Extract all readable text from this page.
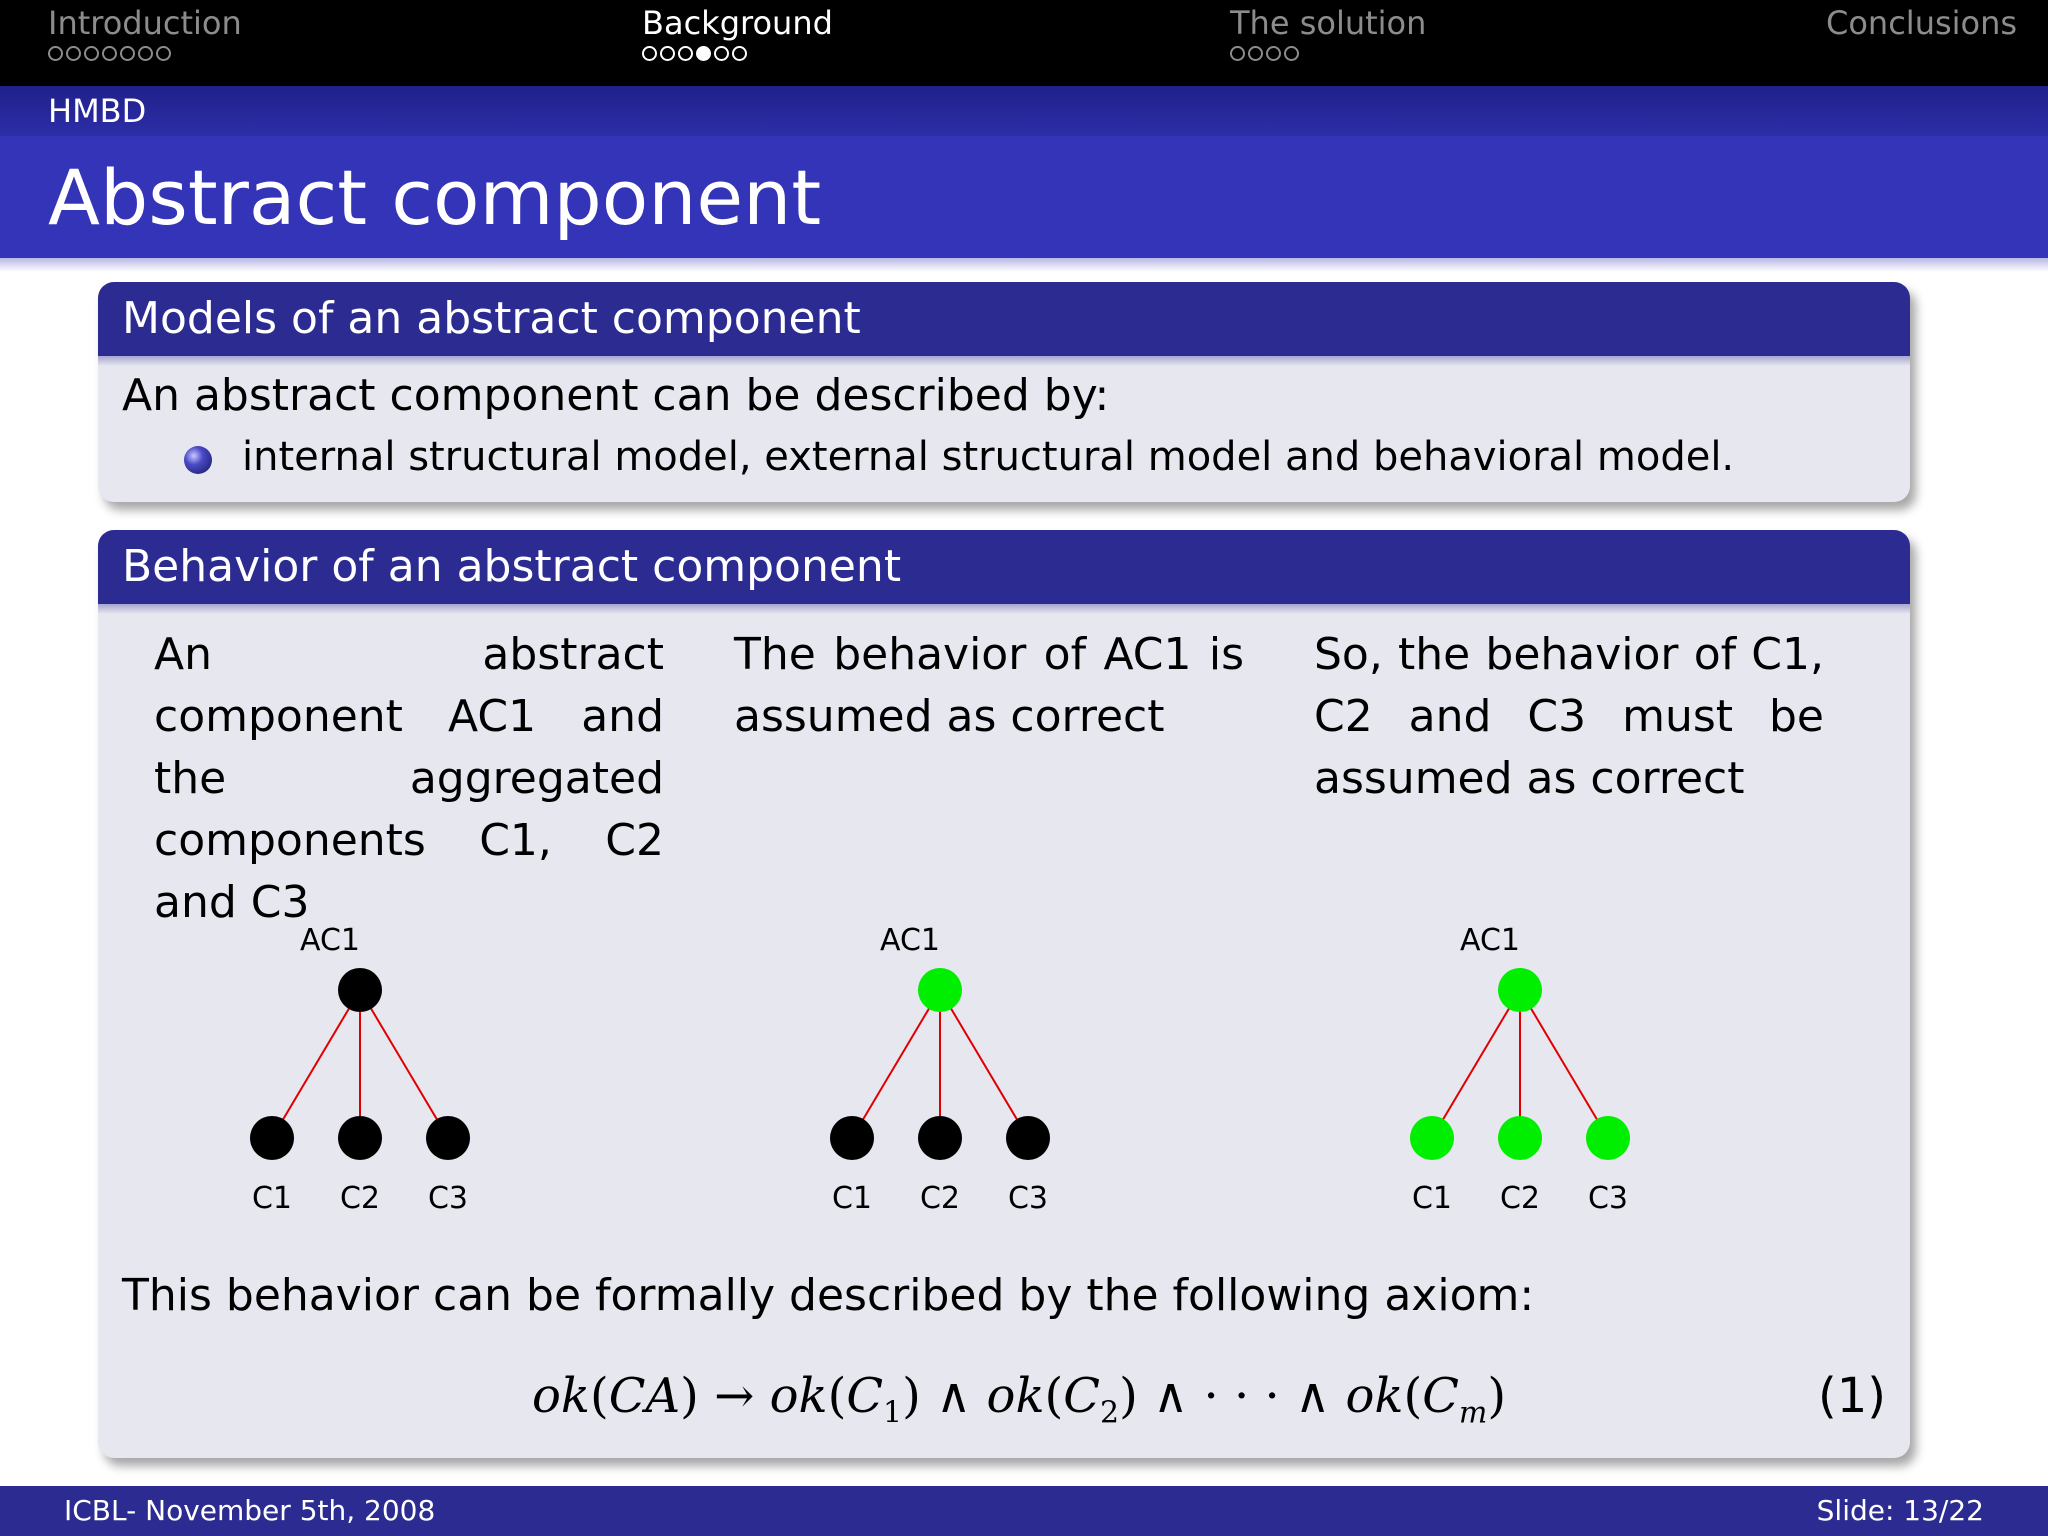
Introduction	Background	The solution	Conclusions
HMBD
Abstract component
Models of an abstract component
An abstract component can be described by:
internal structural model, external structural model and behavioral model.
Behavior of an abstract component

An abstract component AC1 and the aggregated components C1, C2 and C3

The behavior of AC1 is assumed as correct

So, the behavior of C1, C2 and C3 must be assumed as correct

AC1
C1 C2 C3
AC1
C1 C2 C3
AC1
C1 C2 C3
This behavior can be formally described by the following axiom:
$ok(CA) \to ok(C_1)$ ∧ $ok(C_2)$ ∧ · · · ∧ $ok(C_m)$	(1)
ICBL- November 5th, 2008	Slide: 13/22
